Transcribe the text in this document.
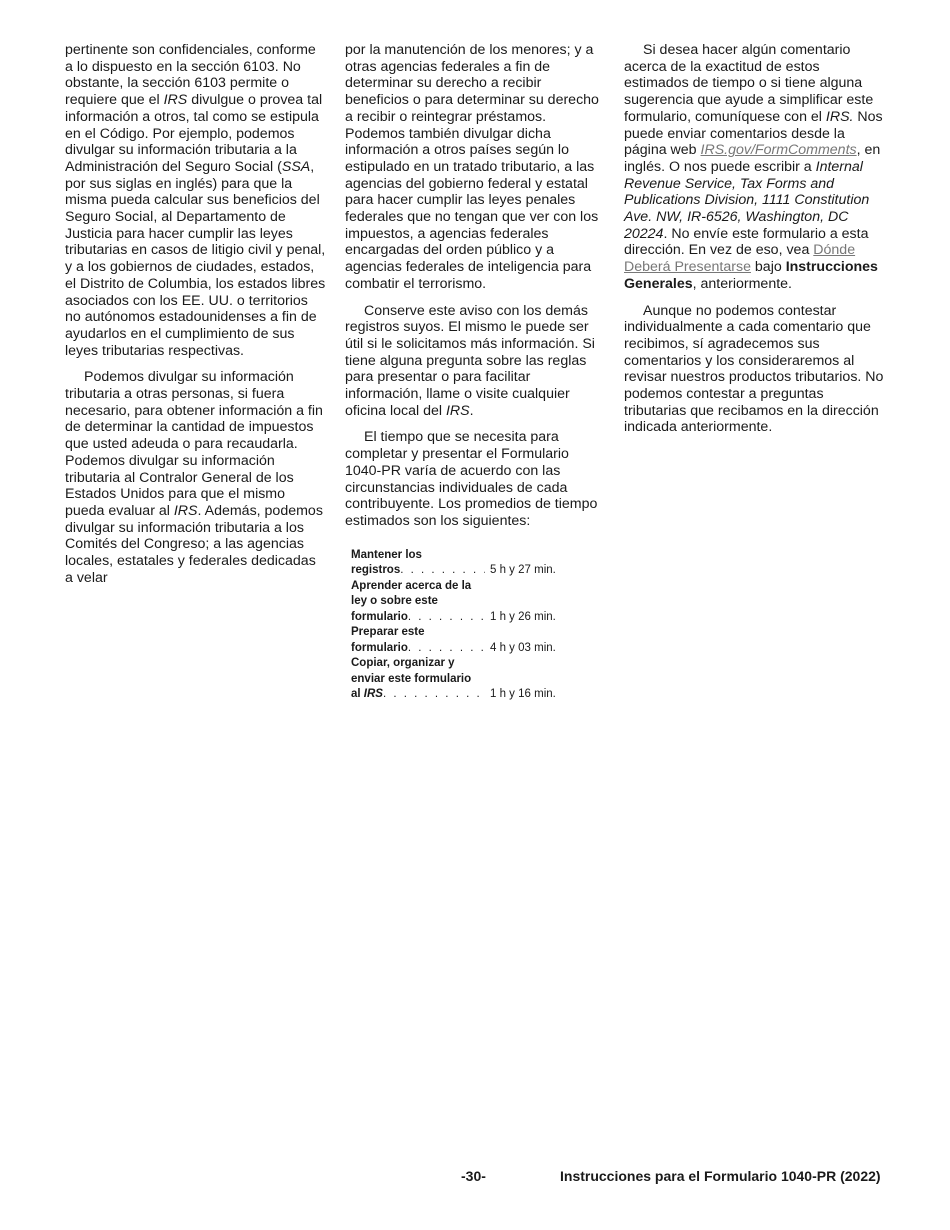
pertinente son confidenciales, conforme a lo dispuesto en la sección 6103. No obstante, la sección 6103 permite o requiere que el IRS divulgue o provea tal información a otros, tal como se estipula en el Código. Por ejemplo, podemos divulgar su información tributaria a la Administración del Seguro Social (SSA, por sus siglas en inglés) para que la misma pueda calcular sus beneficios del Seguro Social, al Departamento de Justicia para hacer cumplir las leyes tributarias en casos de litigio civil y penal, y a los gobiernos de ciudades, estados, el Distrito de Columbia, los estados libres asociados con los EE. UU. o territorios no autónomos estadounidenses a fin de ayudarlos en el cumplimiento de sus leyes tributarias respectivas.

Podemos divulgar su información tributaria a otras personas, si fuera necesario, para obtener información a fin de determinar la cantidad de impuestos que usted adeuda o para recaudarla. Podemos divulgar su información tributaria al Contralor General de los Estados Unidos para que el mismo pueda evaluar al IRS. Además, podemos divulgar su información tributaria a los Comités del Congreso; a las agencias locales, estatales y federales dedicadas a velar

por la manutención de los menores; y a otras agencias federales a fin de determinar su derecho a recibir beneficios o para determinar su derecho a recibir o reintegrar préstamos. Podemos también divulgar dicha información a otros países según lo estipulado en un tratado tributario, a las agencias del gobierno federal y estatal para hacer cumplir las leyes penales federales que no tengan que ver con los impuestos, a agencias federales encargadas del orden público y a agencias federales de inteligencia para combatir el terrorismo.

Conserve este aviso con los demás registros suyos. El mismo le puede ser útil si le solicitamos más información. Si tiene alguna pregunta sobre las reglas para presentar o para facilitar información, llame o visite cualquier oficina local del IRS.

El tiempo que se necesita para completar y presentar el Formulario 1040-PR varía de acuerdo con las circunstancias individuales de cada contribuyente. Los promedios de tiempo estimados son los siguientes:

Mantener los
registros . . .	5 h y 27 min.
Aprender acerca de la
ley o sobre este
formulario . . .	1 h y 26 min.
Preparar este
formulario . . .	4 h y 03 min.
Copiar, organizar y
enviar este formulario
al IRS . . .	1 h y 16 min.

Si desea hacer algún comentario acerca de la exactitud de estos estimados de tiempo o si tiene alguna sugerencia que ayude a simplificar este formulario, comuníquese con el IRS. Nos puede enviar comentarios desde la página web IRS.gov/FormComments, en inglés. O nos puede escribir a Internal Revenue Service, Tax Forms and Publications Division, 1111 Constitution Ave. NW, IR-6526, Washington, DC 20224. No envíe este formulario a esta dirección. En vez de eso, vea Dónde Deberá Presentarse bajo Instrucciones Generales, anteriormente.

Aunque no podemos contestar individualmente a cada comentario que recibimos, sí agradecemos sus comentarios y los consideraremos al revisar nuestros productos tributarios. No podemos contestar a preguntas tributarias que recibamos en la dirección indicada anteriormente.

-30-	Instrucciones para el Formulario 1040-PR (2022)
